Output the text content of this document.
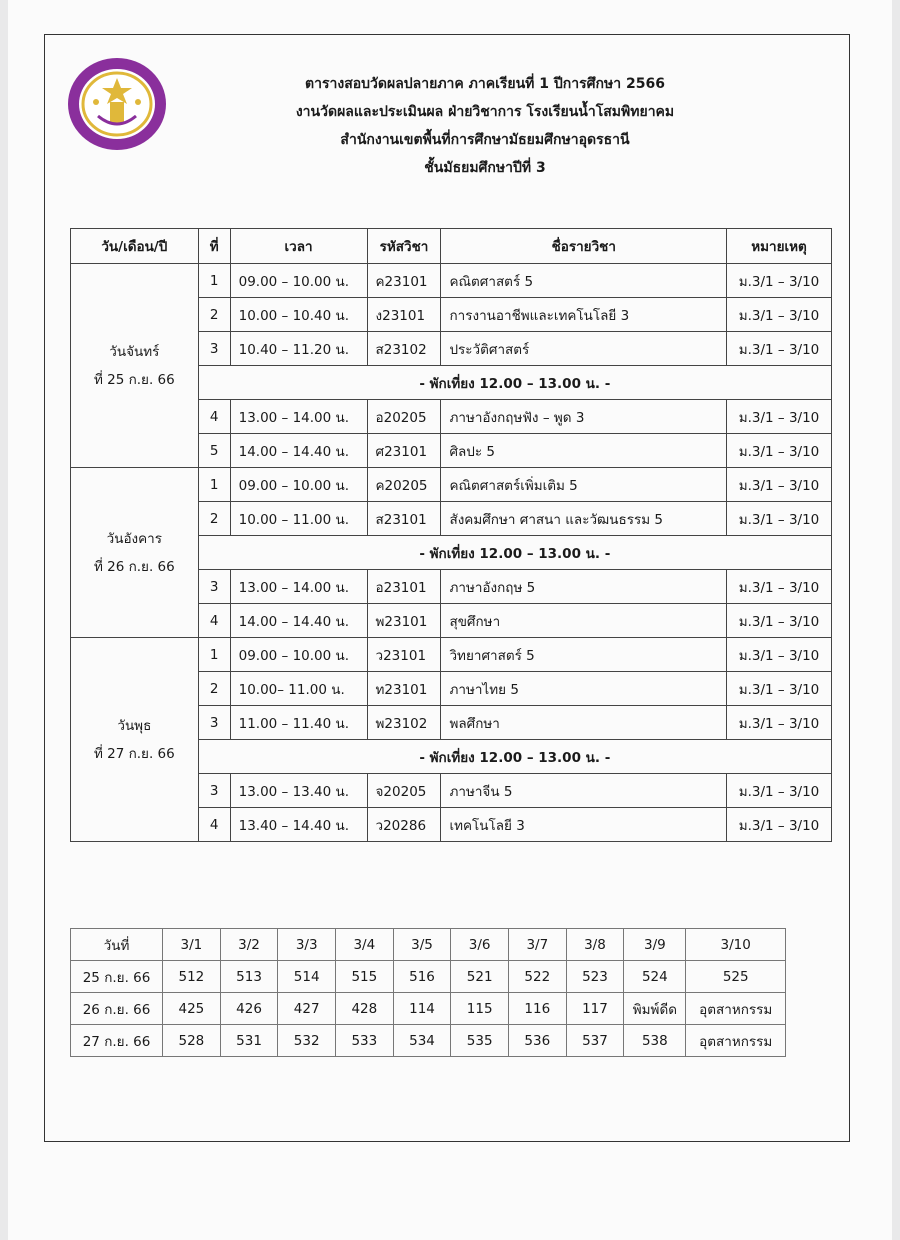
ตารางสอบวัดผลปลายภาค ภาคเรียนที่ 1 ปีการศึกษา 2566
งานวัดผลและประเมินผล ฝ่ายวิชาการ โรงเรียนน้ำโสมพิทยาคม
สำนักงานเขตพื้นที่การศึกษามัธยมศึกษาอุดรธานี
ชั้นมัธยมศึกษาปีที่ 3
วัน/เดือน/ปี	ที่	เวลา	รหัสวิชา	ชื่อรายวิชา	หมายเหตุ

วันจันทร์
ที่ 25 ก.ย. 66	1	09.00 – 10.00 น.	ค23101	คณิตศาสตร์ 5	ม.3/1 – 3/10
	2	10.00 – 10.40 น.	ง23101	การงานอาชีพและเทคโนโลยี 3	ม.3/1 – 3/10
	3	10.40 – 11.20 น.	ส23102	ประวัติศาสตร์	ม.3/1 – 3/10
	- พักเที่ยง 12.00 – 13.00 น. -				
	4	13.00 – 14.00 น.	อ20205	ภาษาอังกฤษฟัง – พูด 3	ม.3/1 – 3/10
	5	14.00 – 14.40 น.	ศ23101	ศิลปะ 5	ม.3/1 – 3/10

วันอังคาร
ที่ 26 ก.ย. 66	1	09.00 – 10.00 น.	ค20205	คณิตศาสตร์เพิ่มเติม 5	ม.3/1 – 3/10
	2	10.00 – 11.00 น.	ส23101	สังคมศึกษา ศาสนา และวัฒนธรรม 5	ม.3/1 – 3/10
	- พักเที่ยง 12.00 – 13.00 น. -				
	3	13.00 – 14.00 น.	อ23101	ภาษาอังกฤษ 5	ม.3/1 – 3/10
	4	14.00 – 14.40 น.	พ23101	สุขศึกษา	ม.3/1 – 3/10

วันพุธ
ที่ 27 ก.ย. 66	1	09.00 – 10.00 น.	ว23101	วิทยาศาสตร์ 5	ม.3/1 – 3/10
	2	10.00– 11.00 น.	ท23101	ภาษาไทย 5	ม.3/1 – 3/10
	3	11.00 – 11.40 น.	พ23102	พลศึกษา	ม.3/1 – 3/10
	- พักเที่ยง 12.00 – 13.00 น. -				
	3	13.00 – 13.40 น.	จ20205	ภาษาจีน 5	ม.3/1 – 3/10
	4	13.40 – 14.40 น.	ว20286	เทคโนโลยี 3	ม.3/1 – 3/10
วันที่	3/1	3/2	3/3	3/4	3/5	3/6	3/7	3/8	3/9	3/10
25 ก.ย. 66	512	513	514	515	516	521	522	523	524	525
26 ก.ย. 66	425	426	427	428	114	115	116	117	พิมพ์ดีด	อุตสาหกรรม
27 ก.ย. 66	528	531	532	533	534	535	536	537	538	อุตสาหกรรม
